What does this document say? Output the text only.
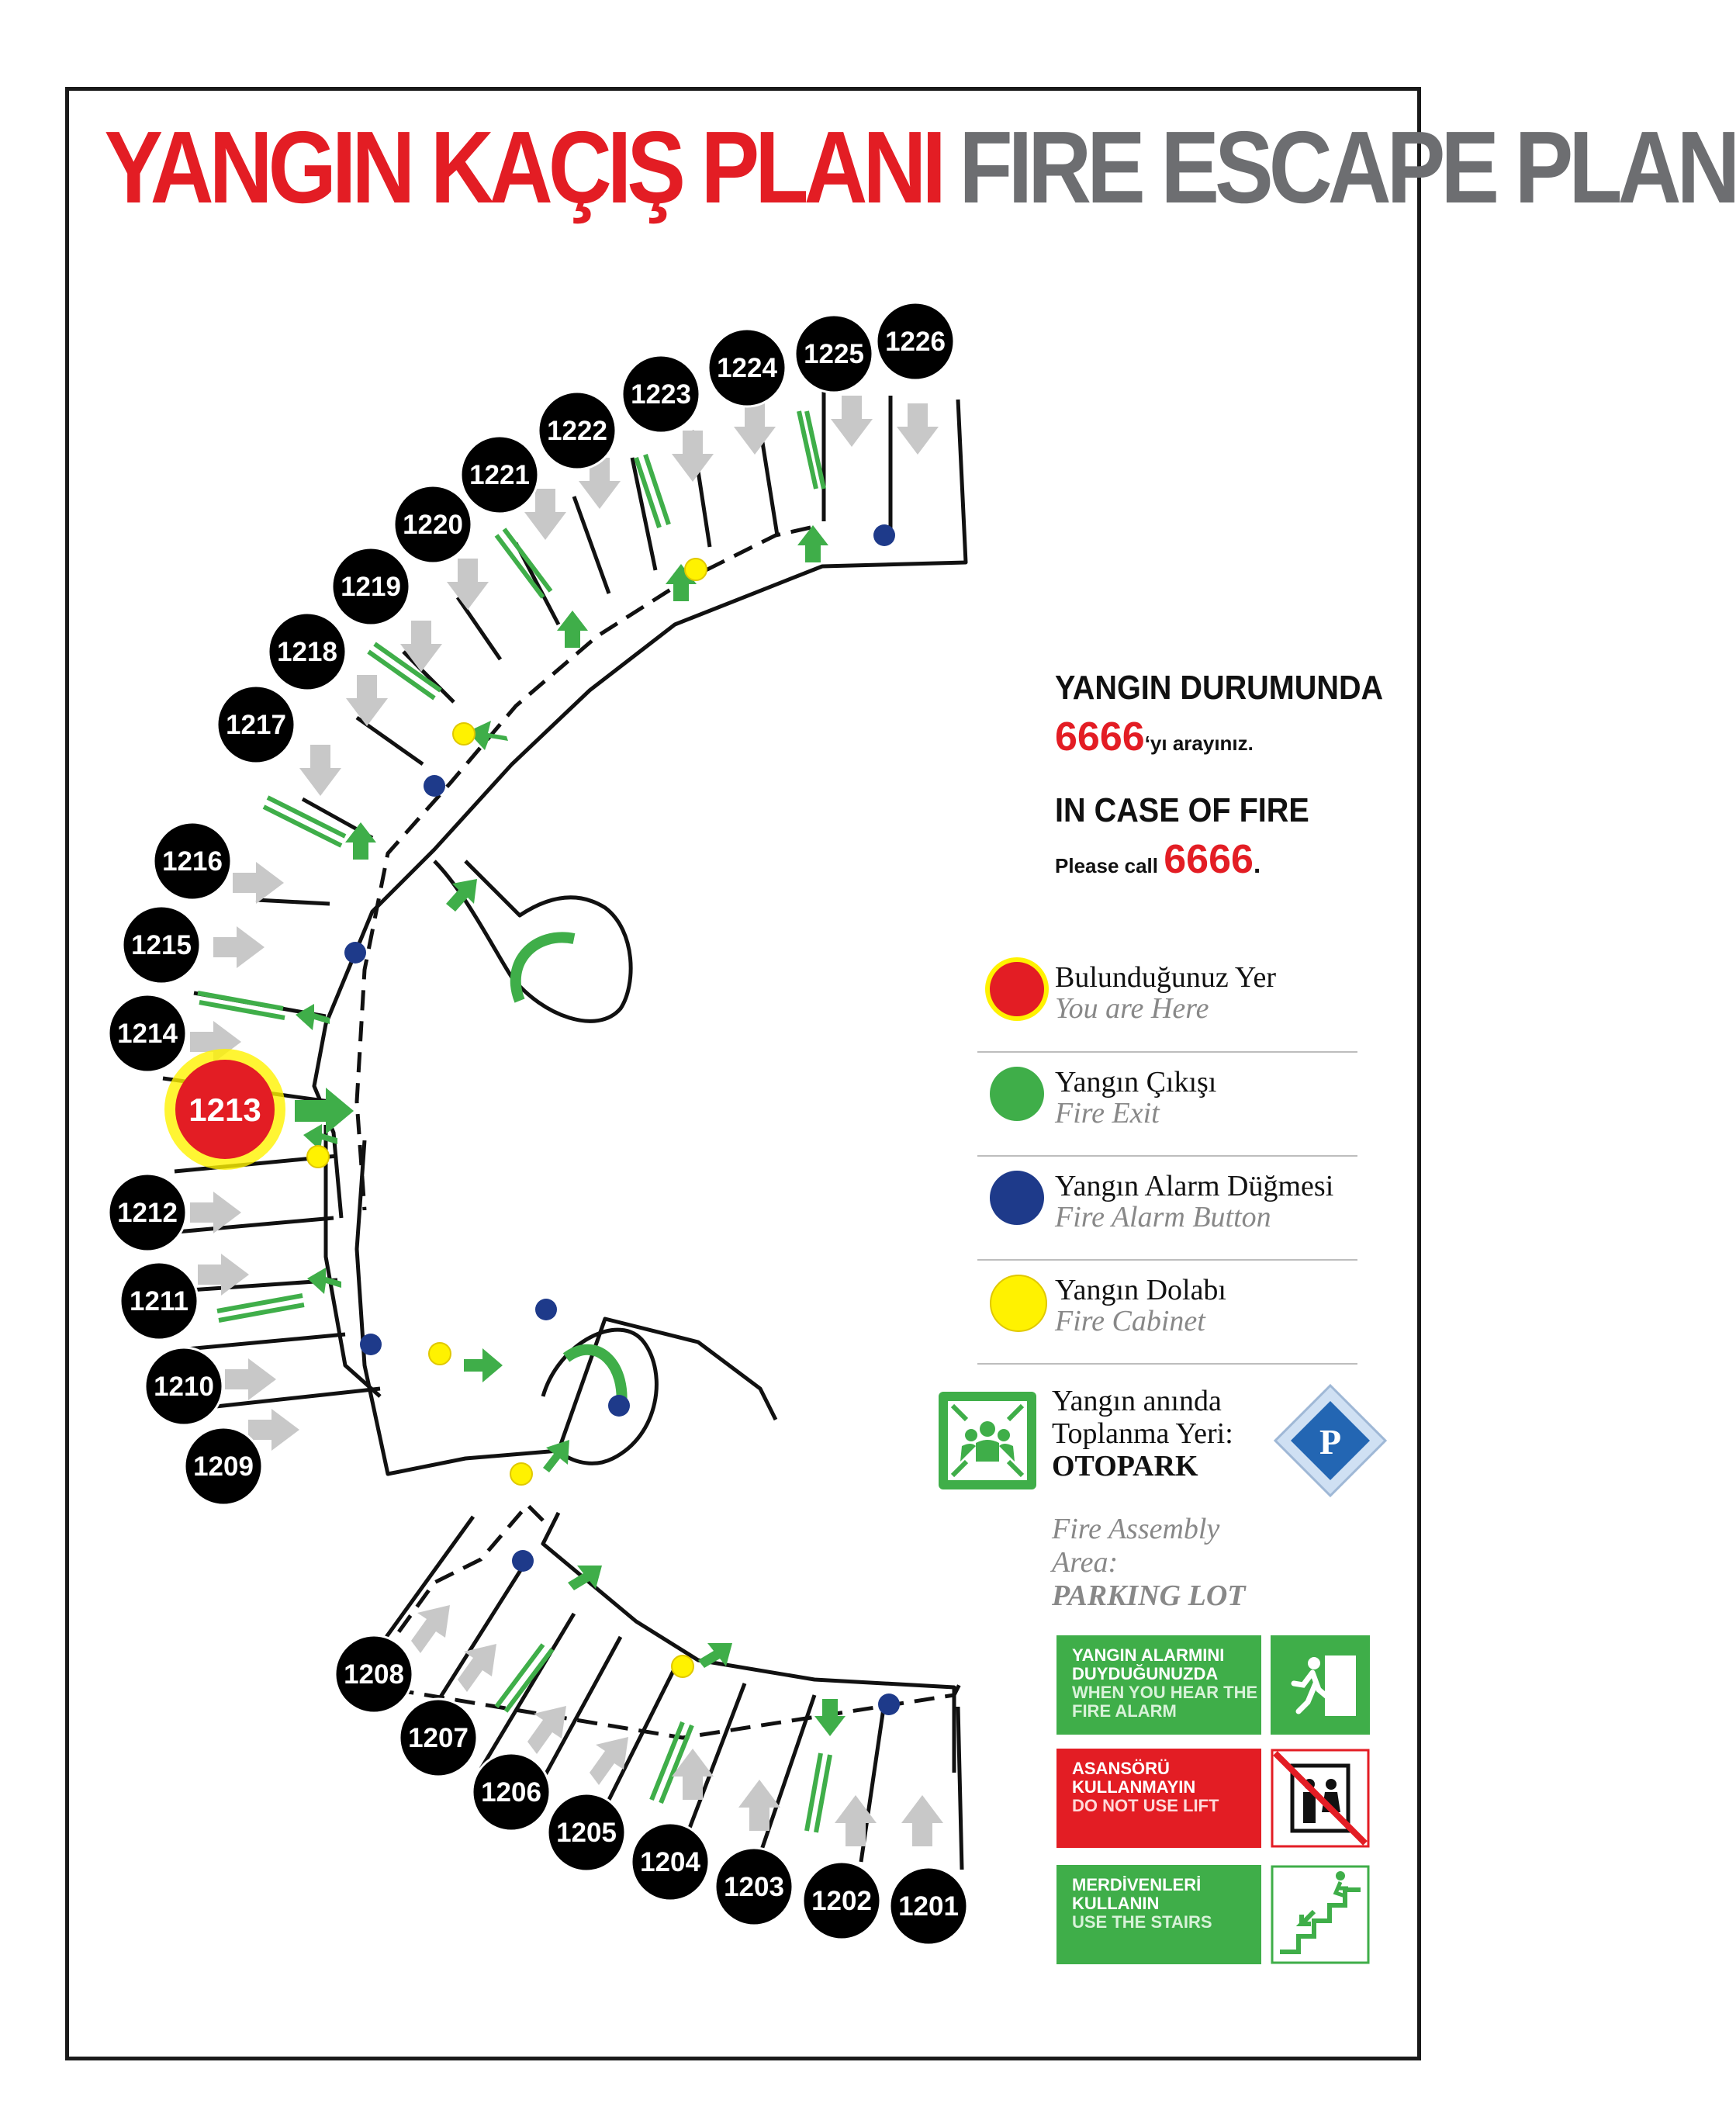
YANGIN KAÇIŞ PLANI FIRE ESCAPE PLAN
1213
1226
1225
1224
1223
1222
1221
1220
1219
1218
1217
1216
1215
1214
1212
1211
1210
1209
1208
1207
1206
1205
1204
1203 1202 1201
YANGIN DURUMUNDA
6666‘yı arayınız.
IN CASE OF FIRE
Please call 6666.
Bulunduğunuz Yer
You are Here
Yangın Çıkışı
Fire Exit
Yangın Alarm Düğmesi
Fire Alarm Button
Yangın Dolabı
Fire Cabinet
Yangın anında
Toplanma Yeri:
OTOPARK
P
Fire Assembly
Area:
PARKING LOT
YANGIN ALARMINI DUYDUĞUNUZDA
WHEN YOU HEAR THE FIRE ALARM
ASANSÖRÜ KULLANMAYIN
DO NOT USE LIFT
MERDİVENLERİ KULLANIN
USE THE STAIRS
